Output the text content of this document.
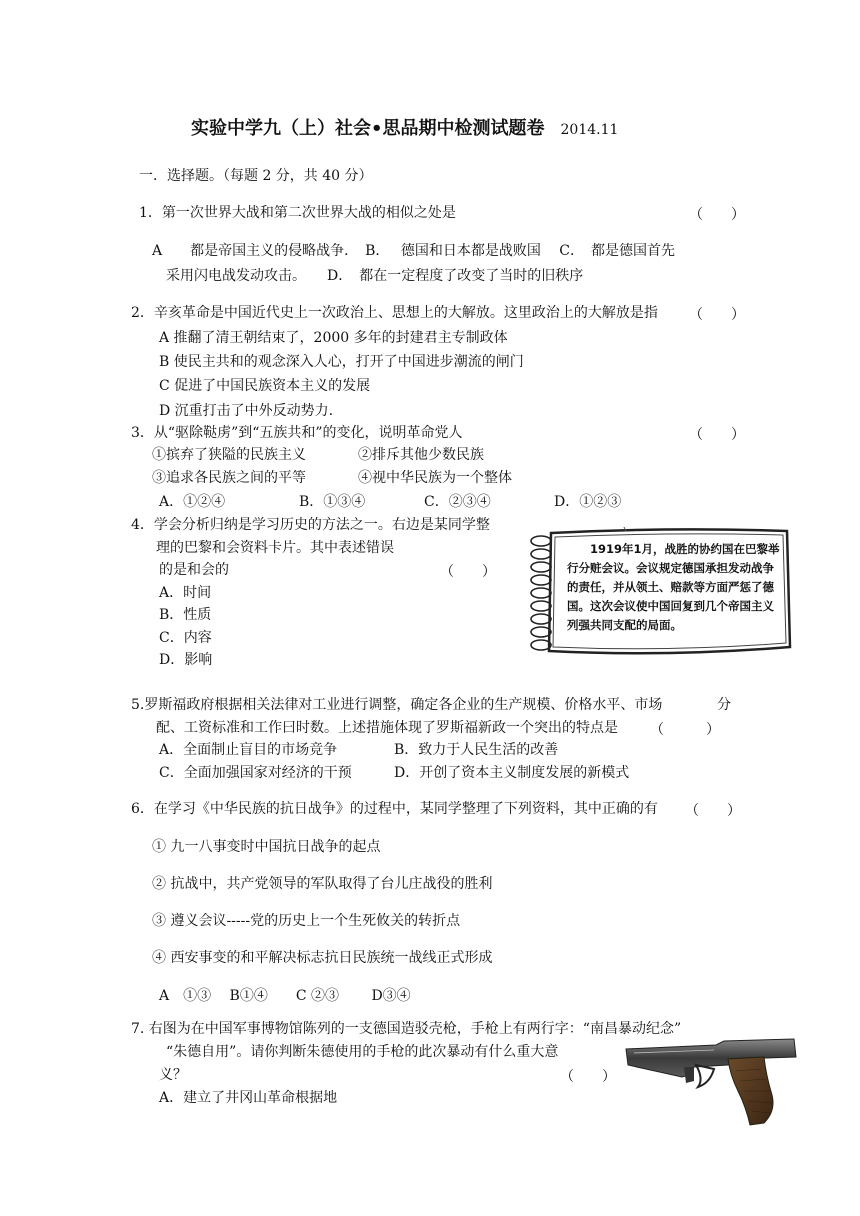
实验中学九（上）社会•思品期中检测试题卷 2014.11
一．选择题。（每题 2 分，共 40 分）
1．第一次世界大战和第二次世界大战的相似之处是	（　　）
A　　都是帝国主义的侵略战争．　B．　 德国和日本都是战败国　 C．　都是德国首先
采用闪电战发动攻击。　　D．　都在一定程度了改变了当时的旧秩序
2．辛亥革命是中国近代史上一次政治上、思想上的大解放。这里政治上的大解放是指 （　　）
A 推翻了清王朝结束了，2000 多年的封建君主专制政体
B 使民主共和的观念深入人心，打开了中国进步潮流的闸门
C 促进了中国民族资本主义的发展
D 沉重打击了中外反动势力.
3．从“驱除鞑虏”到“五族共和”的变化，说明革命党人	（　　）
①摈弃了狭隘的民族主义	②排斥其他少数民族
③追求各民族之间的平等	④视中华民族为一个整体
A．①②④	B．①③④	C．②③④	D．①②③
4．学会分析归纳是学习历史的方法之一。右边是某同学整
理的巴黎和会资料卡片。其中表述错误
的是和会的	（　　）
A．时间
B．性质
C．内容
D．影响
　　1919年1月，战胜的协约国在巴黎举行分赃会议。会议规定德国承担发动战争的责任，并从领土、赔款等方面严惩了德国。这次会议使中国回复到几个帝国主义列强共同支配的局面。
5.罗斯福政府根据相关法律对工业进行调整，确定各企业的生产规模、价格水平、市场	分
配、工资标准和工作曰时数。上述措施体现了罗斯福新政一个突出的特点是 （　　　）
A．全面制止盲目的市场竞争	B．致力于人民生活的改善
C．全面加强国家对经济的干预	D．开创了资本主义制度发展的新模式
6．在学习《中华民族的抗日战争》的过程中，某同学整理了下列资料，其中正确的有 （　　）
① 九一八事变时中国抗日战争的起点
② 抗战中，共产党领导的军队取得了台儿庄战役的胜利
③ 遵义会议-----党的历史上一个生死攸关的转折点
④ 西安事变的和平解决标志抗日民族统一战线正式形成
A　①③　 B①④　　C ②③　　 D③④
7. 右图为在中国军事博物馆陈列的一支德国造驳壳枪，手枪上有两行字：“南昌暴动纪念”
“朱德自用”。请你判断朱德使用的手枪的此次暴动有什么重大意
义？	（　　）
A．建立了井冈山革命根据地
